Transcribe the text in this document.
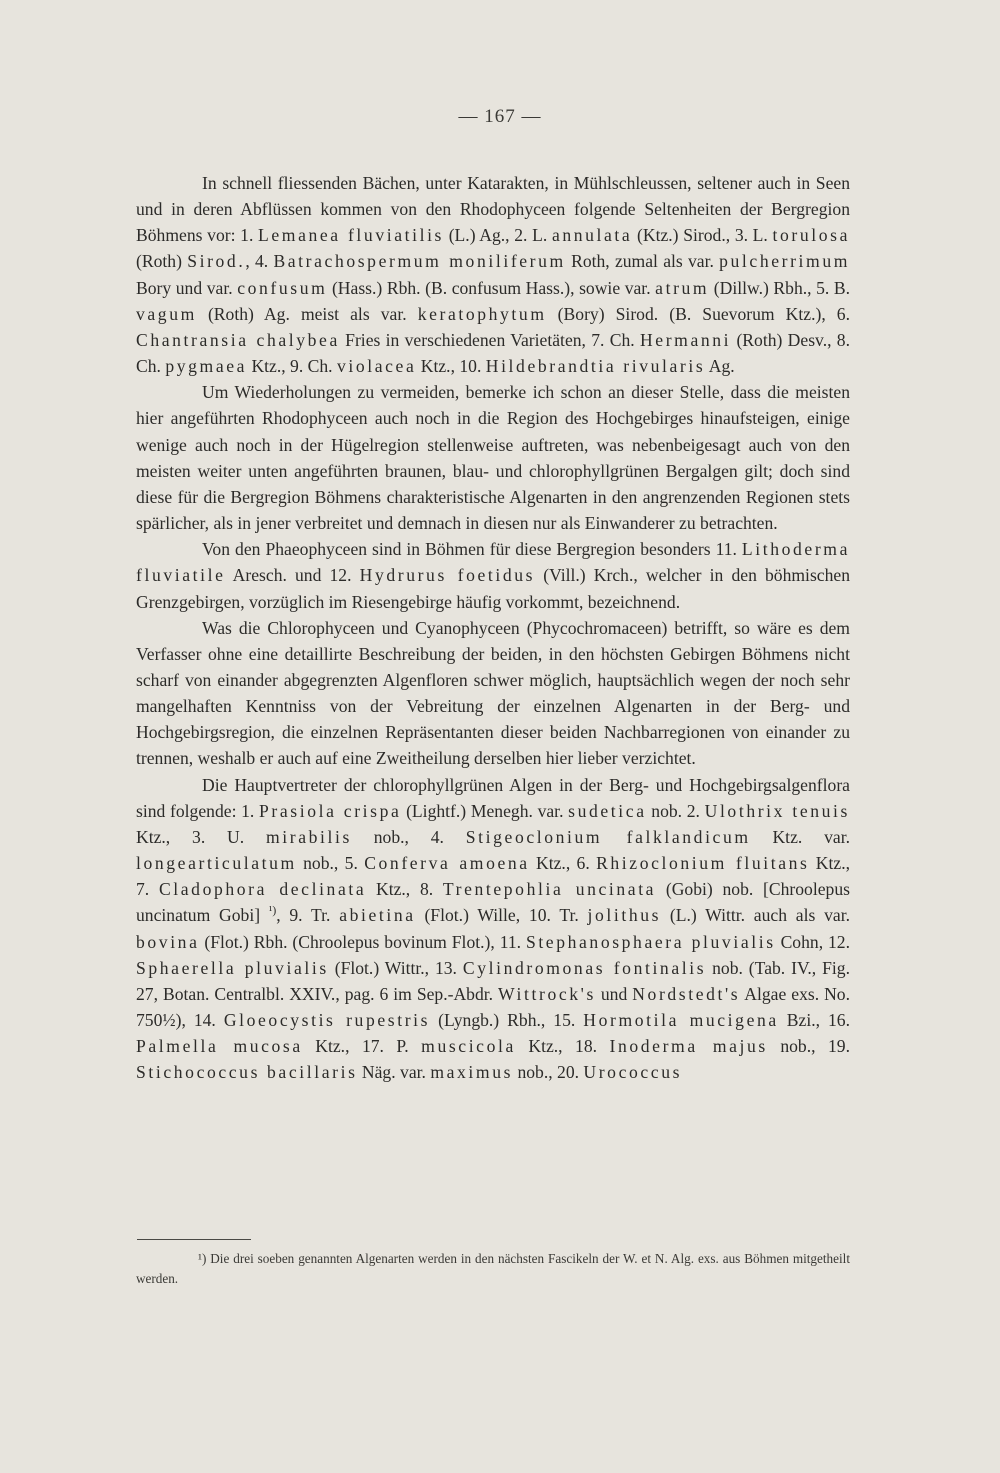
— 167 —

In schnell fliessenden Bächen, unter Katarakten, in Mühlschleussen, seltener auch in Seen und in deren Abflüssen kommen von den Rhodophyceen folgende Seltenheiten der Bergregion Böhmens vor: 1. Lemanea fluviatilis (L.) Ag., 2. L. annulata (Ktz.) Sirod., 3. L. torulosa (Roth) Sirod., 4. Batrachospermum moniliferum Roth, zumal als var. pulcherrimum Bory und var. confusum (Hass.) Rbh. (B. confusum Hass.), sowie var. atrum (Dillw.) Rbh., 5. B. vagum (Roth) Ag. meist als var. keratophytum (Bory) Sirod. (B. Suevorum Ktz.), 6. Chantransia chalybea Fries in verschiedenen Varietäten, 7. Ch. Hermanni (Roth) Desv., 8. Ch. pygmaea Ktz., 9. Ch. violacea Ktz., 10. Hildebrandtia rivularis Ag.

Um Wiederholungen zu vermeiden, bemerke ich schon an dieser Stelle, dass die meisten hier angeführten Rhodophyceen auch noch in die Region des Hochgebirges hinaufsteigen, einige wenige auch noch in der Hügelregion stellenweise auftreten, was nebenbeigesagt auch von den meisten weiter unten angeführten braunen, blau- und chlorophyllgrünen Bergalgen gilt; doch sind diese für die Bergregion Böhmens charakteristische Algenarten in den angrenzenden Regionen stets spärlicher, als in jener verbreitet und demnach in diesen nur als Einwanderer zu betrachten.

Von den Phaeophyceen sind in Böhmen für diese Bergregion besonders 11. Lithoderma fluviatile Aresch. und 12. Hydrurus foetidus (Vill.) Krch., welcher in den böhmischen Grenzgebirgen, vorzüglich im Riesengebirge häufig vorkommt, bezeichnend.

Was die Chlorophyceen und Cyanophyceen (Phycochromaceen) betrifft, so wäre es dem Verfasser ohne eine detaillirte Beschreibung der beiden, in den höchsten Gebirgen Böhmens nicht scharf von einander abgegrenzten Algenfloren schwer möglich, hauptsächlich wegen der noch sehr mangelhaften Kenntniss von der Vebreitung der einzelnen Algenarten in der Berg- und Hochgebirgsregion, die einzelnen Repräsentanten dieser beiden Nachbarregionen von einander zu trennen, weshalb er auch auf eine Zweitheilung derselben hier lieber verzichtet.

Die Hauptvertreter der chlorophyllgrünen Algen in der Berg- und Hochgebirgsalgenflora sind folgende: 1. Prasiola crispa (Lightf.) Menegh. var. sudetica nob. 2. Ulothrix tenuis Ktz., 3. U. mirabilis nob., 4. Stigeoclonium falklandicum Ktz. var. longearticulatum nob., 5. Conferva amoena Ktz., 6. Rhizoclonium fluitans Ktz., 7. Cladophora declinata Ktz., 8. Trentepohlia uncinata (Gobi) nob. [Chroolepus uncinatum Gobi] $^{^1)}$, 9. Tr. abietina (Flot.) Wille, 10. Tr. jolithus (L.) Wittr. auch als var. bovina (Flot.) Rbh. (Chroolepus bovinum Flot.), 11. Stephanosphaera pluvialis Cohn, 12. Sphaerella pluvialis (Flot.) Wittr., 13. Cylindromonas fontinalis nob. (Tab. IV., Fig. 27, Botan. Centralbl. XXIV., pag. 6 im Sep.-Abdr. Wittrock's und Nordstedt's Algae exs. No. 750½), 14. Gloeocystis rupestris (Lyngb.) Rbh., 15. Hormotila mucigena Bzi., 16. Palmella mucosa Ktz., 17. P. muscicola Ktz., 18. Inoderma majus nob., 19. Stichococcus bacillaris Näg. var. maximus nob., 20. Urococcus

¹) Die drei soeben genannten Algenarten werden in den nächsten Fascikeln der W. et N. Alg. exs. aus Böhmen mitgetheilt werden.
